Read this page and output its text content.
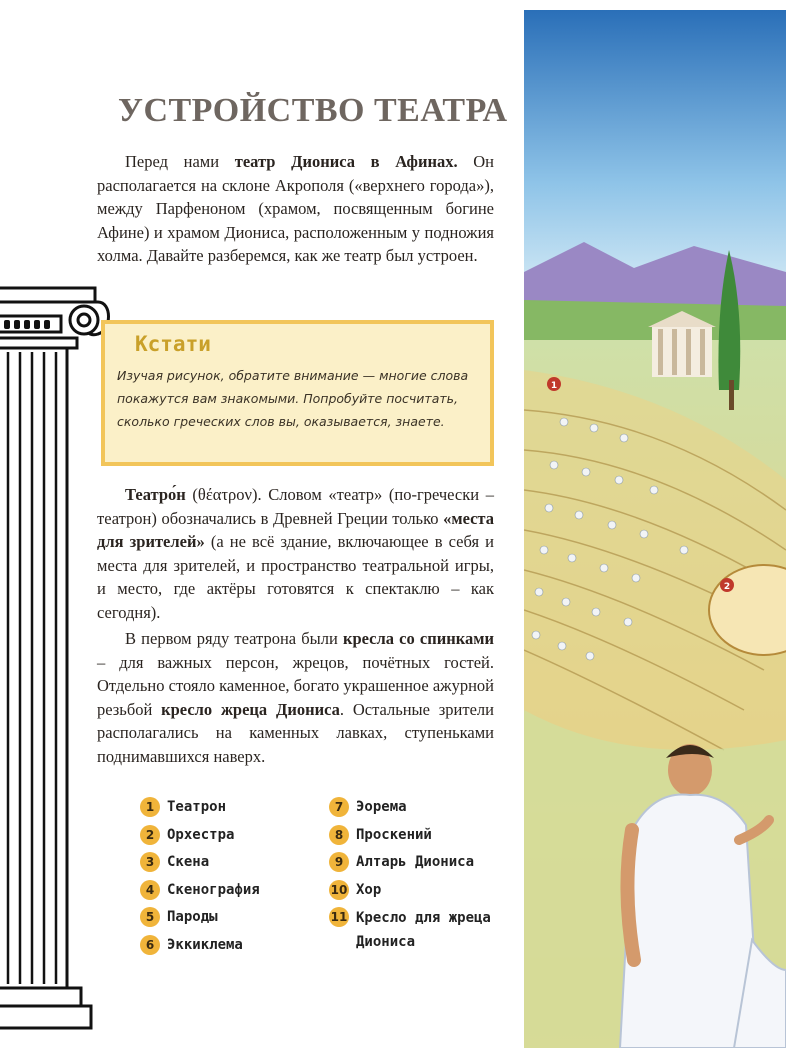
УСТРОЙСТВО ТЕАТРА

Перед нами театр Диониса в Афинах. Он располагается на склоне Акрополя («верхнего города»), между Парфеноном (храмом, посвященным богине Афине) и храмом Диониса, расположенным у подножия холма. Давайте разберемся, как же театр был устроен.

Кстати
Изучая рисунок, обратите внимание — многие слова покажутся вам знакомыми. Попробуйте посчитать, сколько греческих слов вы, оказывается, знаете.

Театро́н (θέατρον). Словом «театр» (по-гречески – театрон) обозначались в Древней Греции только «места для зрителей» (а не всё здание, включающее в себя и места для зрителей, и пространство театральной игры, и место, где актёры готовятся к спектаклю – как сегодня).

В первом ряду театрона были кресла со спинками – для важных персон, жрецов, почётных гостей. Отдельно стояло каменное, богато украшенное ажурной резьбой кресло жреца Диониса. Остальные зрители располагались на каменных лавках, ступеньками поднимавшихся наверх.

1 Театрон
2 Орхестра
3 Скена
4 Скенография
5 Пароды
6 Эккиклема
7 Эорема
8 Проскений
9 Алтарь Диониса
10 Хор
11 Кресло для жреца Диониса
1
2
